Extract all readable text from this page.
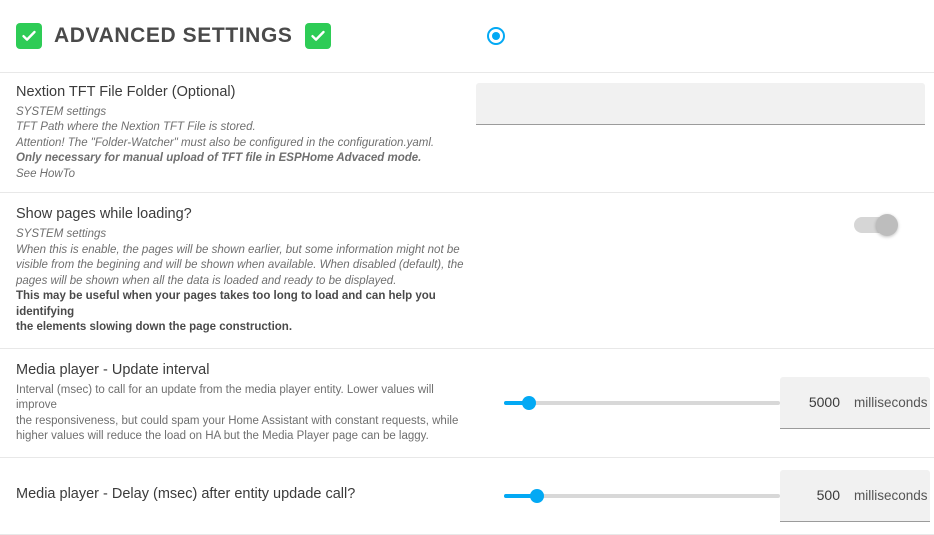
ADVANCED SETTINGS
Nextion TFT File Folder (Optional)
SYSTEM settings
TFT Path where the Nextion TFT File is stored.
Attention! The "Folder-Watcher" must also be configured in the configuration.yaml.
Only necessary for manual upload of TFT file in ESPHome Advaced mode.
See HowTo
Show pages while loading?
SYSTEM settings
When this is enable, the pages will be shown earlier, but some information might not be
visible from the begining and will be shown when available. When disabled (default), the
pages will be shown when all the data is loaded and ready to be displayed.
This may be useful when your pages takes too long to load and can help you identifying
the elements slowing down the page construction.
Media player - Update interval
Interval (msec) to call for an update from the media player entity. Lower values will improve
the responsiveness, but could spam your Home Assistant with constant requests, while
higher values will reduce the load on HA but the Media Player page can be laggy.
5000 milliseconds
Media player - Delay (msec) after entity updade call?	500 milliseconds
